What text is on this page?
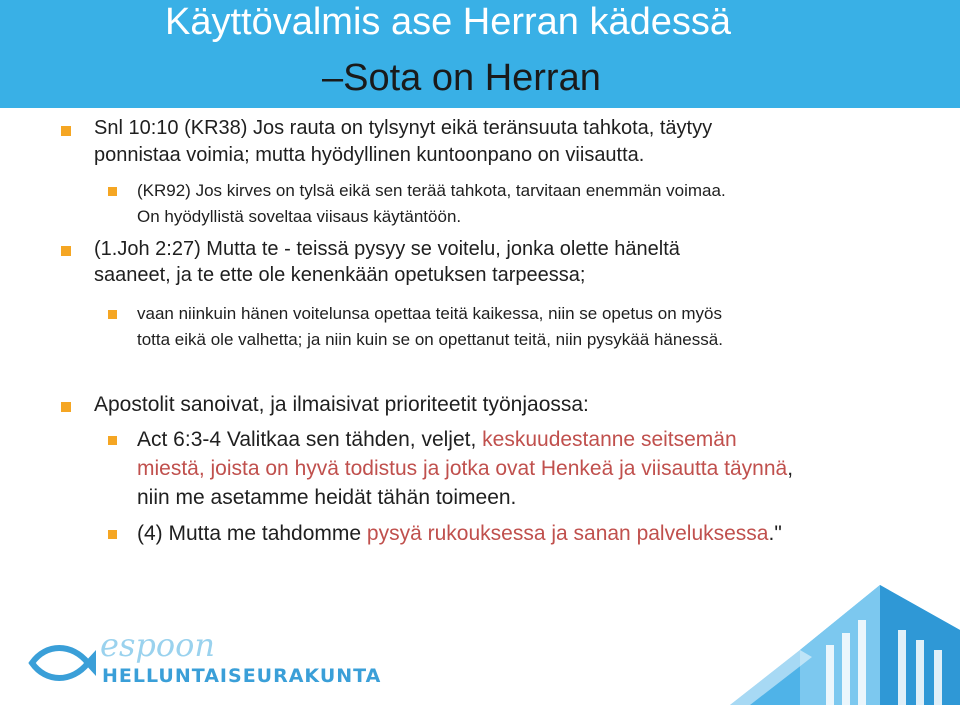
Käyttövalmis ase Herran kädessä
–Sota on Herran
Snl 10:10 (KR38) Jos rauta on tylsynyt eikä teränsuuta tahkota, täytyy
ponnistaa voimia; mutta hyödyllinen kuntoonpano on viisautta.
(KR92) Jos kirves on tylsä eikä sen terää tahkota, tarvitaan enemmän voimaa.
On hyödyllistä soveltaa viisaus käytäntöön.
(1.Joh 2:27) Mutta te - teissä pysyy se voitelu, jonka olette häneltä
saaneet, ja te ette ole kenenkään opetuksen tarpeessa;
vaan niinkuin hänen voitelunsa opettaa teitä kaikessa, niin se opetus on myös
totta eikä ole valhetta; ja niin kuin se on opettanut teitä, niin pysykää hänessä.
Apostolit sanoivat, ja ilmaisivat prioriteetit työnjaossa:
Act 6:3-4 Valitkaa sen tähden, veljet, keskuudestanne seitsemän
miestä, joista on hyvä todistus ja jotka ovat Henkeä ja viisautta täynnä,
niin me asetamme heidät tähän toimeen.
(4) Mutta me tahdomme pysyä rukouksessa ja sanan palveluksessa."
espoon
HELLUNTAISEURAKUNTA
